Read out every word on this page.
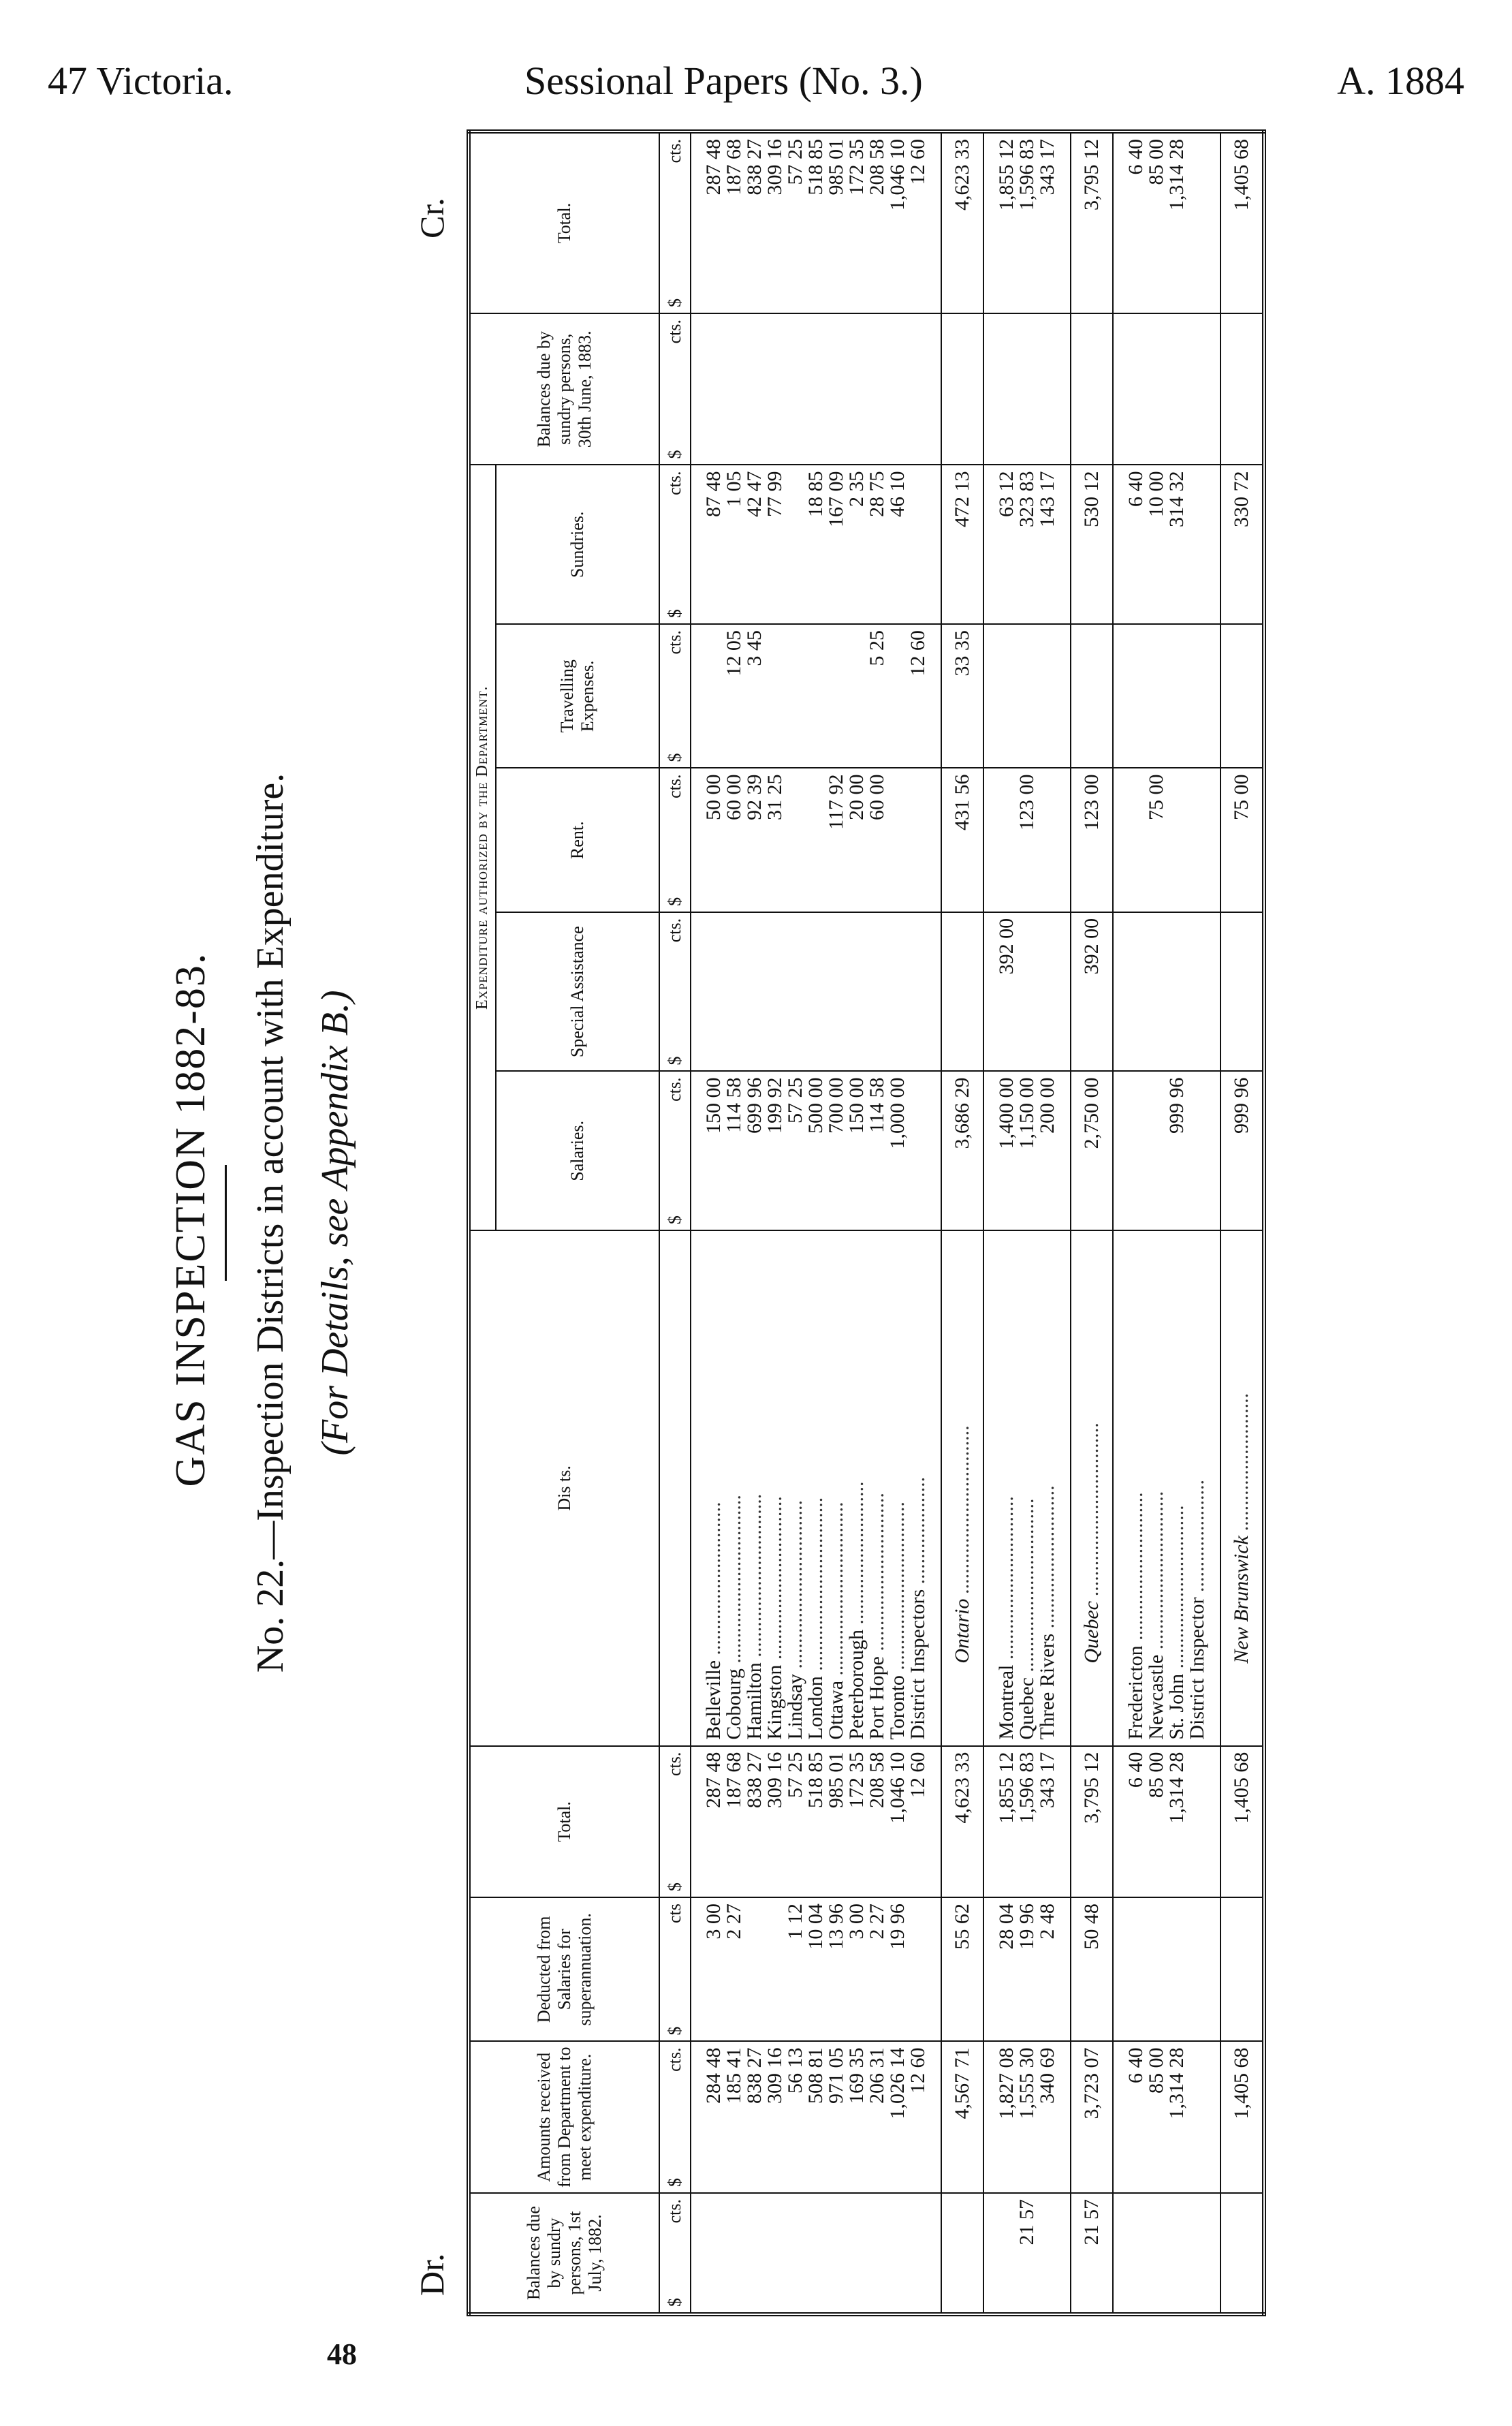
47 Victoria.	Sessional Papers (No. 3.)	A. 1884
GAS INSPECTION 1882-83. No. 22.—Inspection Districts in account with Expenditure. (For Details, see Appendix B.)
Dr.
Cr.
Balances due by sundry persons, 1st July, 1882.	Amounts received from Department to meet expenditure.	Deducted from Salaries for superannuation.	Total.	Dis ts.	Expenditure authorized by the Department.					Balances due by sundry persons, 30th June, 1883.	Total.
					Salaries.	Special Assistance	Rent.	Travelling Expenses.	Sundries.		

$
cts.	$
cts.	$
cts	$
cts.		$
cts.	$
cts.	$
cts.	$
cts.	$
cts.	$
cts.	$
cts.

	284 48	3 00	287 48	Belleville ..............................	150 00		50 00		87 48		287 48
	185 41	2 27	187 68	Cobourg .................................	114 58		60 00	12 05	1 05		187 68
	838 27		838 27	Hamilton ................................	699 96		92 39	3 45	42 47		838 27
	309 16		309 16	Kingston ................................	199 92		31 25		77 99		309 16
	56 13	1 12	57 25	Lindsay .................................	57 25						57 25
	508 81	10 04	518 85	London ..................................	500 00				18 85		518 85
	971 05	13 96	985 01	Ottawa ..................................	700 00		117 92		167 09		985 01
	169 35	3 00	172 35	Peterborough ............................	150 00		20 00		2 35		172 35
	206 31	2 27	208 58	Port Hope ...............................	114 58		60 00	5 25	28 75		208 58
	1,026 14	19 96	1,046 10	Toronto .................................	1,000 00				46 10		1,046 10
	12 60		12 60	District Inspectors .....................				12 60			12 60

	4,567 71	55 62	4,623 33	Ontario .................................	3,686 29		431 56	33 35	472 13		4,623 33

	1,827 08	28 04	1,855 12	Montreal ................................	1,400 00	392 00			63 12		1,855 12
21 57	1,555 30	19 96	1,596 83	Quebec ..................................	1,150 00		123 00		323 83		1,596 83
	340 69	2 48	343 17	Three Rivers ............................	200 00				143 17		343 17

21 57	3,723 07	50 48	3,795 12	Quebec ..................................	2,750 00	392 00	123 00		530 12		3,795 12

	6 40		6 40	Fredericton .............................					6 40		6 40
	85 00		85 00	Newcastle ...............................			75 00		10 00		85 00
	1,314 28		1,314 28	St. John ................................	999 96				314 32		1,314 28
				District Inspector ......................							

	1,405 68		1,405 68	New Brunswick ...........................	999 96		75 00		330 72		1,405 68
48
